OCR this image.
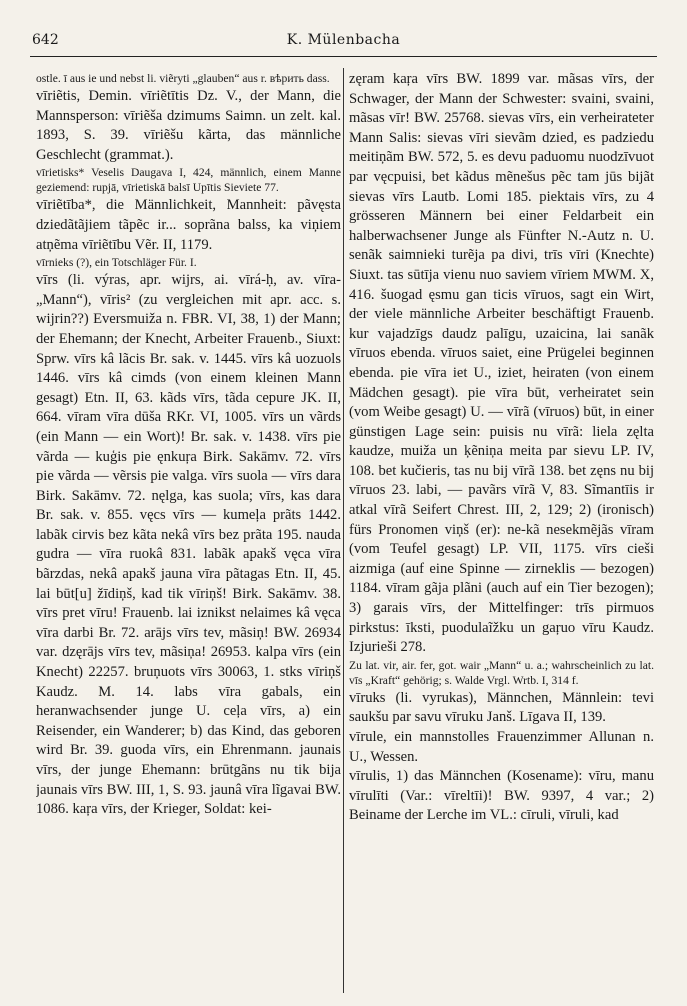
642	K. Mülenbacha

ostle. ī aus ie und nebst li. viẽryti „glauben“ aus r. вѣрить dass.

vīriẽtis, Demin. vīriẽtītis Dz. V., der Mann, die Mannsperson: vīriẽša dzimums Saimn. un zelt. kal. 1893, S. 39. vīriẽšu kãrta, das männliche Geschlecht (grammat.).

vīrietisks* Veselis Daugava I, 424, männlich, einem Manne geziemend: rupjā, vīrietiskā balsī Upītis Sieviete 77.

vīriẽtība*, die Männlichkeit, Mannheit: pãvęsta dziedãtãjiem tãpẽc ir... soprãna balss, ka viņiem atņẽma vīriẽtību Vẽr. II, 1179.

vīrnieks (?), ein Totschläger Für. I.

vīrs (li. výras, apr. wijrs, ai. vīrá-ḥ, av. vīra- „Mann“), vīris² (zu vergleichen mit apr. acc. s. wijrin??) Eversmuiža n. FBR. VI, 38, 1) der Mann; der Ehemann; der Knecht, Arbeiter Frauenb., Siuxt: Sprw. vīrs kâ lãcis Br. sak. v. 1445. vīrs kâ uozuols 1446. vīrs kâ cimds (von einem kleinen Mann gesagt) Etn. II, 63. kãds vīrs, tãda cepure JK. II, 664. vīram vīra dūša RKr. VI, 1005. vīrs un vãrds (ein Mann — ein Wort)! Br. sak. v. 1438. vīrs pie vãrda — kuģis pie ęnkuŗa Birk. Sakāmv. 72. vīrs pie vãrda — vẽrsis pie valga. vīrs suola — vīrs dara Birk. Sakāmv. 72. nęlga, kas suola; vīrs, kas dara Br. sak. v. 855. vęcs vīrs — kumeļa prãts 1442. labãk cirvis bez kãta nekâ vīrs bez prãta 195. nauda gudra — vīra ruokâ 831. labãk apakš vęca vīra bãrzdas, nekâ apakš jauna vīra pãtagas Etn. II, 45. lai būt[u] žīdiņš, kad tik vīriņš! Birk. Sakāmv. 38. vīrs pret vīru! Frauenb. lai iznikst nelaimes kâ vęca vīra darbi Br. 72. arājs vīrs tev, mãsiņ! BW. 26934 var. dzęrājs vīrs tev, mãsiņa! 26953. kalpa vīrs (ein Knecht) 22257. bruņuots vīrs 30063, 1. stks vīriņš Kaudz. M. 14. labs vīra gabals, ein heranwachsender junge U. ceļa vīrs, a) ein Reisender, ein Wanderer; b) das Kind, das geboren wird Br. 39. guoda vīrs, ein Ehrenmann. jaunais vīrs, der junge Ehemann: brūtgãns nu tik bija jaunais vīrs BW. III, 1, S. 93. jaunâ vīra lĩgavai BW. 1086. kaŗa vīrs, der Krieger, Soldat: kei-

zęram kaŗa vīrs BW. 1899 var. mãsas vīrs, der Schwager, der Mann der Schwester: svaini, svaini, mãsas vīr! BW. 25768. sievas vīrs, ein verheirateter Mann Salis: sievas vīri sievãm dzied, es padziedu meitiņãm BW. 572, 5. es devu paduomu nuodzīvuot par vęcpuisi, bet kãdus mẽnešus pẽc tam jūs bijãt sievas vīrs Lautb. Lomi 185. piektais vīrs, zu 4 grösseren Männern bei einer Feldarbeit ein halberwachsener Junge als Fünfter N.-Autz n. U. senãk saimnieki turẽja pa divi, trīs vīri (Knechte) Siuxt. tas sūtīja vienu nuo saviem vīriem MWM. X, 416. šuogad ęsmu gan ticis vīruos, sagt ein Wirt, der viele männliche Arbeiter beschäftigt Frauenb. kur vajadzīgs daudz palīgu, uzaicina, lai sanãk vīruos ebenda. vīruos saiet, eine Prügelei beginnen ebenda. pie vīra iet U., iziet, heiraten (von einem Mädchen gesagt). pie vīra būt, verheiratet sein (vom Weibe gesagt) U. — vīrã (vīruos) būt, in einer günstigen Lage sein: puisis nu vīrã: liela zęlta kaudze, muiža un ķẽniņa meita par sievu LP. IV, 108. bet kučieris, tas nu bij vīrã 138. bet zęns nu bij vīruos 23. labi, — pavãrs vīrã V, 83. Sĩmantīis ir atkal vīrã Seifert Chrest. III, 2, 129; 2) (ironisch) fürs Pronomen viņš (er): ne-kã nesekmẽjãs vīram (vom Teufel gesagt) LP. VII, 1175. vīrs cieši aizmiga (auf eine Spinne — zirneklis — bezogen) 1184. vīram gãja plãni (auch auf ein Tier bezogen); 3) garais vīrs, der Mittelfinger: trīs pirmuos pirkstus: īksti, puodulaĩžku un gaŗuo vīru Kaudz. Izjurieši 278.

Zu lat. vir, air. fer, got. wair „Mann“ u. a.; wahrscheinlich zu lat. vīs „Kraft“ gehörig; s. Walde Vrgl. Wrtb. I, 314 f.

vīruks (li. vyrukas), Männchen, Männlein: tevi saukšu par savu vīruku Janš. Līgava II, 139.

vīrule, ein mannstolles Frauenzimmer Allunan n. U., Wessen.

vīrulis, 1) das Männchen (Kosename): vīru, manu vīrulīti (Var.: vīreltīi)! BW. 9397, 4 var.; 2) Beiname der Lerche im VL.: cīruli, vīruli, kad
